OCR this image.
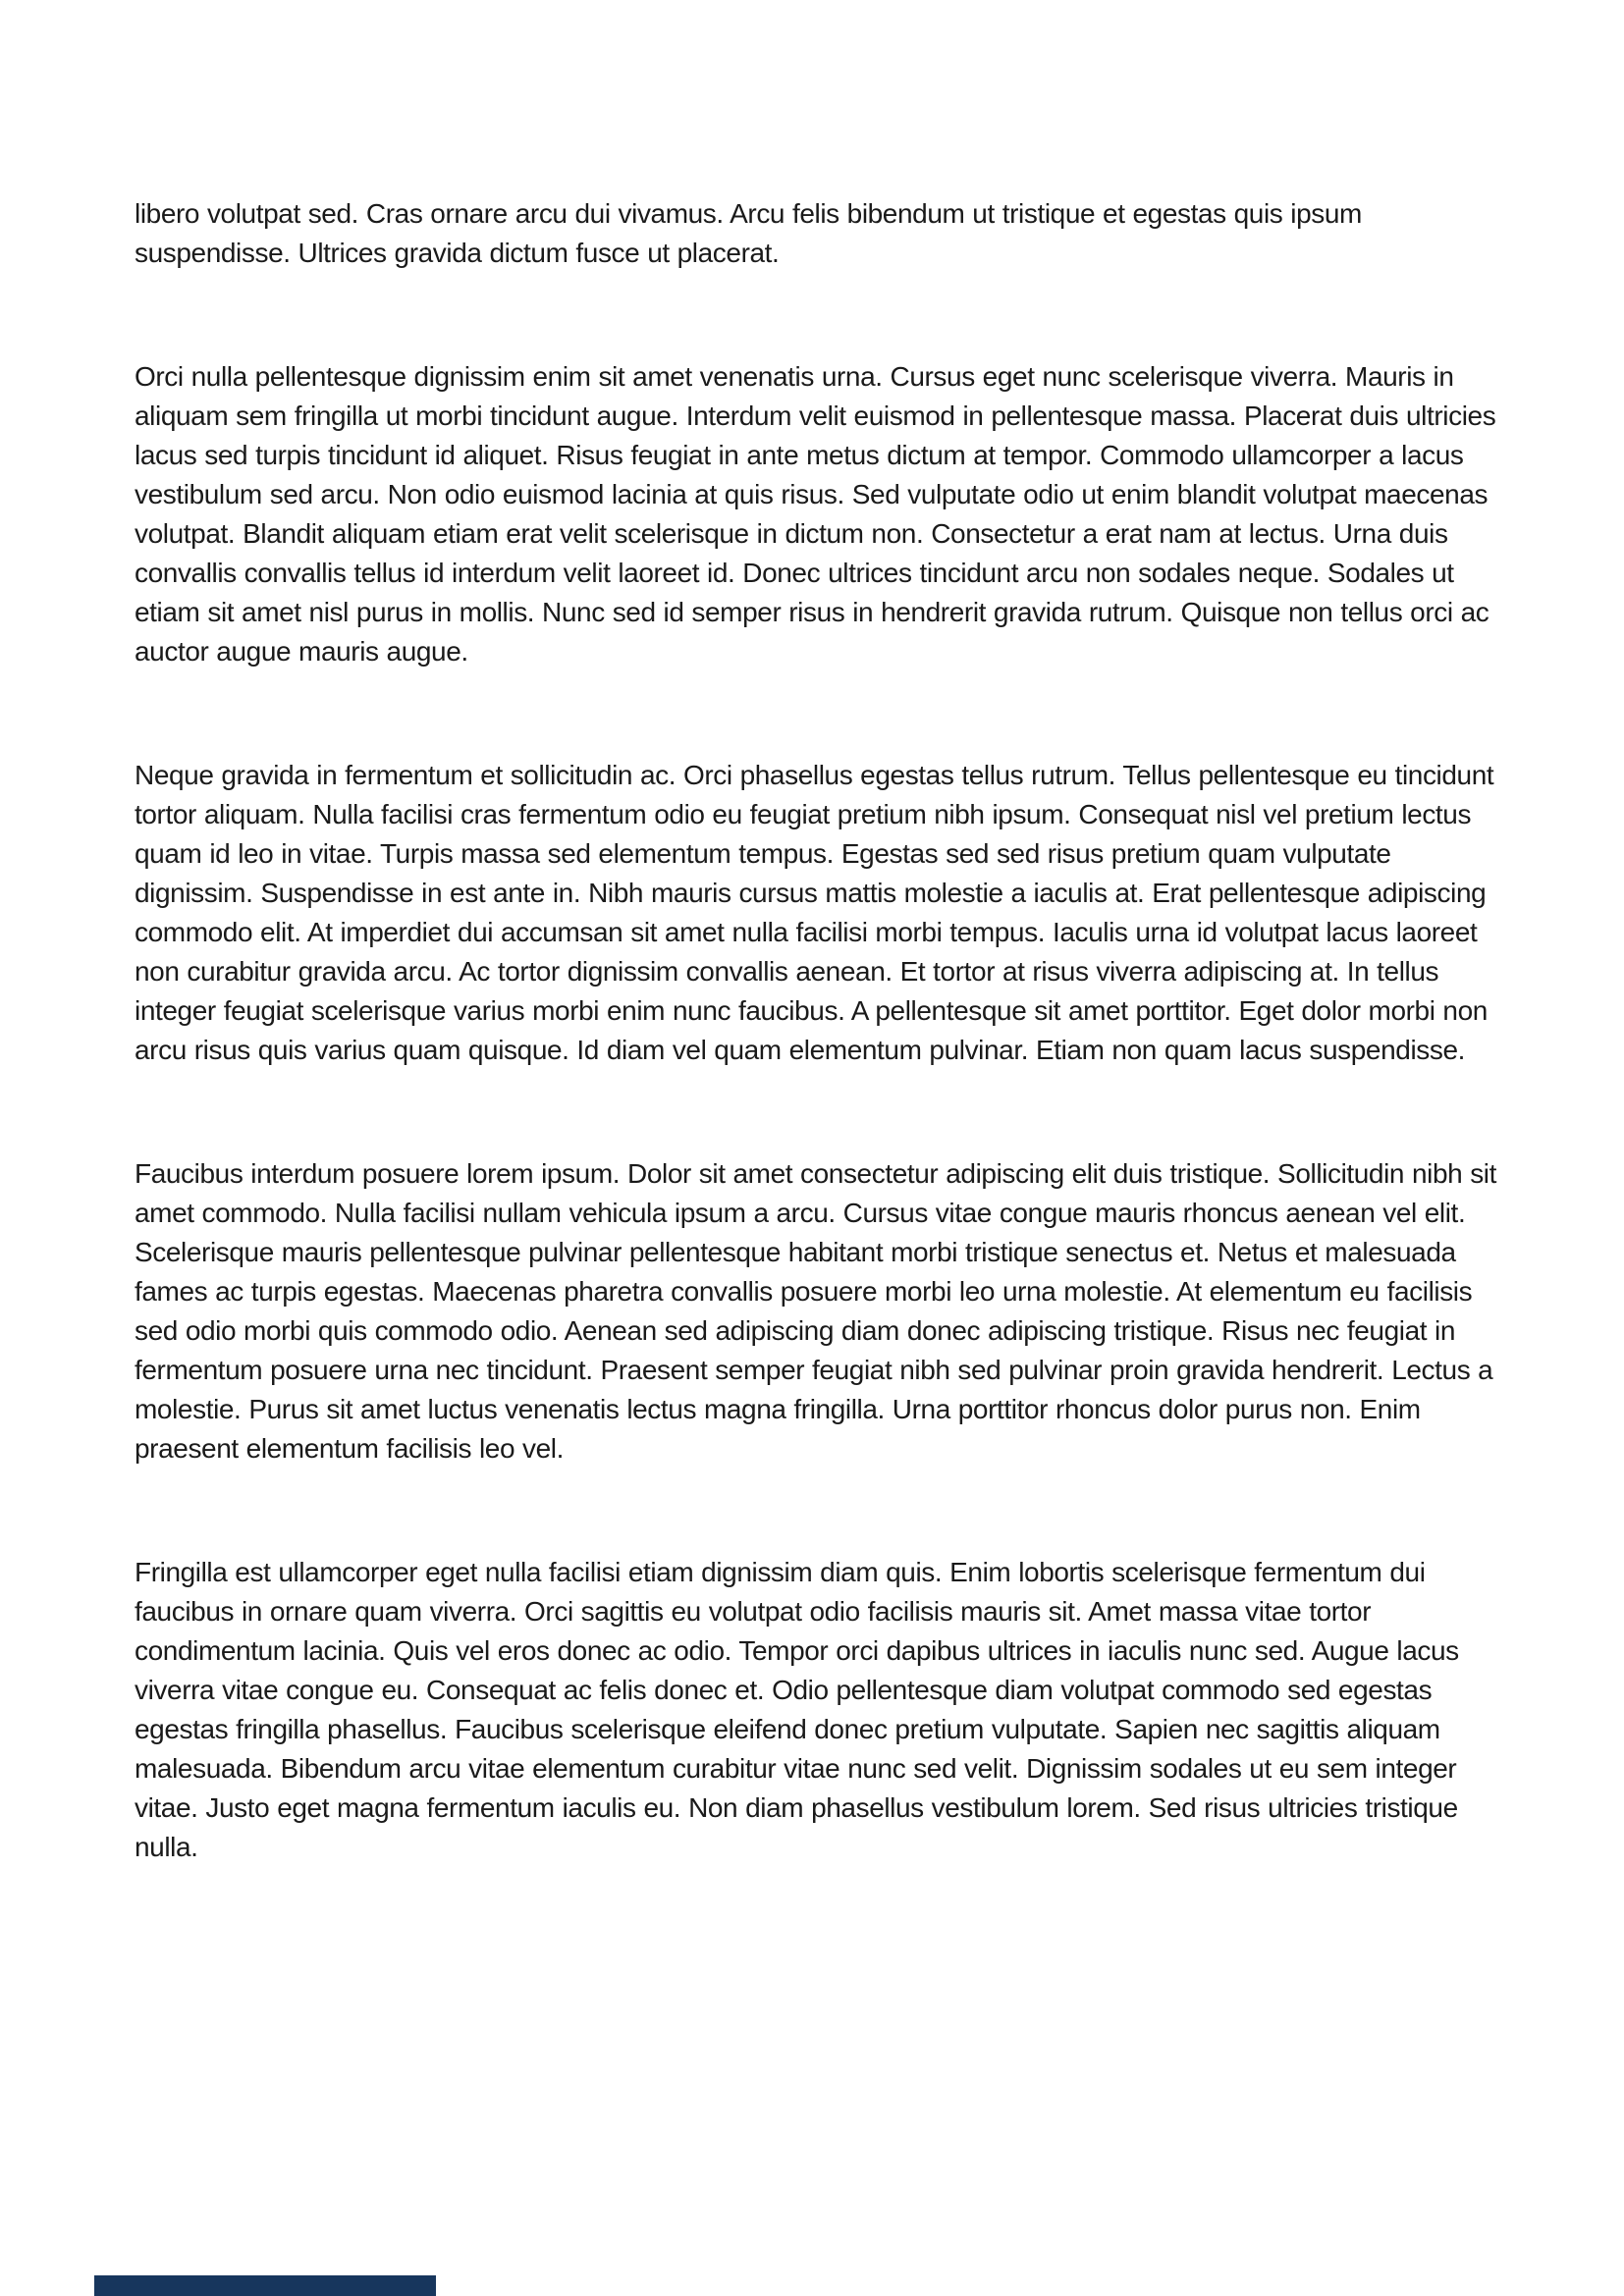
libero volutpat sed. Cras ornare arcu dui vivamus. Arcu felis bibendum ut tristique et egestas quis ipsum suspendisse. Ultrices gravida dictum fusce ut placerat.

Orci nulla pellentesque dignissim enim sit amet venenatis urna. Cursus eget nunc scelerisque viverra. Mauris in aliquam sem fringilla ut morbi tincidunt augue. Interdum velit euismod in pellentesque massa. Placerat duis ultricies lacus sed turpis tincidunt id aliquet. Risus feugiat in ante metus dictum at tempor. Commodo ullamcorper a lacus vestibulum sed arcu. Non odio euismod lacinia at quis risus. Sed vulputate odio ut enim blandit volutpat maecenas volutpat. Blandit aliquam etiam erat velit scelerisque in dictum non. Consectetur a erat nam at lectus. Urna duis convallis convallis tellus id interdum velit laoreet id. Donec ultrices tincidunt arcu non sodales neque. Sodales ut etiam sit amet nisl purus in mollis. Nunc sed id semper risus in hendrerit gravida rutrum. Quisque non tellus orci ac auctor augue mauris augue.

Neque gravida in fermentum et sollicitudin ac. Orci phasellus egestas tellus rutrum. Tellus pellentesque eu tincidunt tortor aliquam. Nulla facilisi cras fermentum odio eu feugiat pretium nibh ipsum. Consequat nisl vel pretium lectus quam id leo in vitae. Turpis massa sed elementum tempus. Egestas sed sed risus pretium quam vulputate dignissim. Suspendisse in est ante in. Nibh mauris cursus mattis molestie a iaculis at. Erat pellentesque adipiscing commodo elit. At imperdiet dui accumsan sit amet nulla facilisi morbi tempus. Iaculis urna id volutpat lacus laoreet non curabitur gravida arcu. Ac tortor dignissim convallis aenean. Et tortor at risus viverra adipiscing at. In tellus integer feugiat scelerisque varius morbi enim nunc faucibus. A pellentesque sit amet porttitor. Eget dolor morbi non arcu risus quis varius quam quisque. Id diam vel quam elementum pulvinar. Etiam non quam lacus suspendisse.

Faucibus interdum posuere lorem ipsum. Dolor sit amet consectetur adipiscing elit duis tristique. Sollicitudin nibh sit amet commodo. Nulla facilisi nullam vehicula ipsum a arcu. Cursus vitae congue mauris rhoncus aenean vel elit. Scelerisque mauris pellentesque pulvinar pellentesque habitant morbi tristique senectus et. Netus et malesuada fames ac turpis egestas. Maecenas pharetra convallis posuere morbi leo urna molestie. At elementum eu facilisis sed odio morbi quis commodo odio. Aenean sed adipiscing diam donec adipiscing tristique. Risus nec feugiat in fermentum posuere urna nec tincidunt. Praesent semper feugiat nibh sed pulvinar proin gravida hendrerit. Lectus a molestie. Purus sit amet luctus venenatis lectus magna fringilla. Urna porttitor rhoncus dolor purus non. Enim praesent elementum facilisis leo vel.

Fringilla est ullamcorper eget nulla facilisi etiam dignissim diam quis. Enim lobortis scelerisque fermentum dui faucibus in ornare quam viverra. Orci sagittis eu volutpat odio facilisis mauris sit. Amet massa vitae tortor condimentum lacinia. Quis vel eros donec ac odio. Tempor orci dapibus ultrices in iaculis nunc sed. Augue lacus viverra vitae congue eu. Consequat ac felis donec et. Odio pellentesque diam volutpat commodo sed egestas egestas fringilla phasellus. Faucibus scelerisque eleifend donec pretium vulputate. Sapien nec sagittis aliquam malesuada. Bibendum arcu vitae elementum curabitur vitae nunc sed velit. Dignissim sodales ut eu sem integer vitae. Justo eget magna fermentum iaculis eu. Non diam phasellus vestibulum lorem. Sed risus ultricies tristique nulla.
